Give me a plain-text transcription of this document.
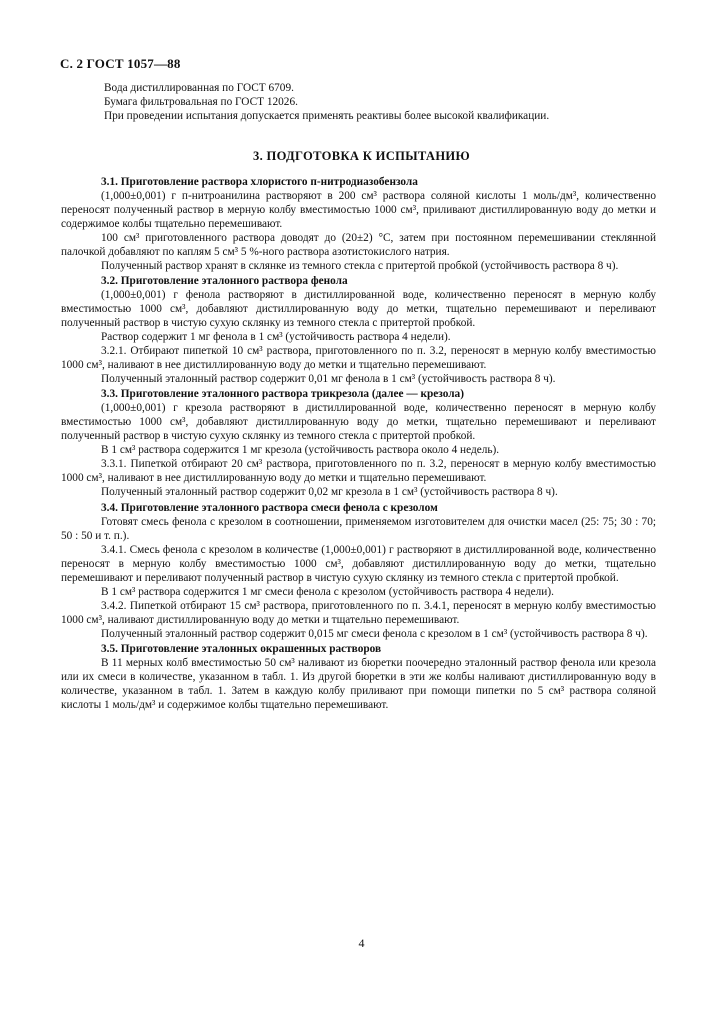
С. 2 ГОСТ 1057—88
Вода дистиллированная по ГОСТ 6709.
Бумага фильтровальная по ГОСТ 12026.
При проведении испытания допускается применять реактивы более высокой квалификации.
3. ПОДГОТОВКА К ИСПЫТАНИЮ

3.1. Приготовление раствора хлористого п-нитродиазобензола

(1,000±0,001) г п-нитроанилина растворяют в 200 см³ раствора соляной кислоты 1 моль/дм³, количественно переносят полученный раствор в мерную колбу вместимостью 1000 см³, приливают дистиллированную воду до метки и содержимое колбы тщательно перемешивают.

100 см³ приготовленного раствора доводят до (20±2) °С, затем при постоянном перемешивании стеклянной палочкой добавляют по каплям 5 см³ 5 %-ного раствора азотистокислого натрия.

Полученный раствор хранят в склянке из темного стекла с притертой пробкой (устойчивость раствора 8 ч).

3.2. Приготовление эталонного раствора фенола

(1,000±0,001) г фенола растворяют в дистиллированной воде, количественно переносят в мерную колбу вместимостью 1000 см³, добавляют дистиллированную воду до метки, тщательно перемешивают и переливают полученный раствор в чистую сухую склянку из темного стекла с притертой пробкой.

Раствор содержит 1 мг фенола в 1 см³ (устойчивость раствора 4 недели).

3.2.1. Отбирают пипеткой 10 см³ раствора, приготовленного по п. 3.2, переносят в мерную колбу вместимостью 1000 см³, наливают в нее дистиллированную воду до метки и тщательно перемешивают.

Полученный эталонный раствор содержит 0,01 мг фенола в 1 см³ (устойчивость раствора 8 ч).

3.3. Приготовление эталонного раствора трикрезола (далее — крезола)

(1,000±0,001) г крезола растворяют в дистиллированной воде, количественно переносят в мерную колбу вместимостью 1000 см³, добавляют дистиллированную воду до метки, тщательно перемешивают и переливают полученный раствор в чистую сухую склянку из темного стекла с притертой пробкой.

В 1 см³ раствора содержится 1 мг крезола (устойчивость раствора около 4 недель).

3.3.1. Пипеткой отбирают 20 см³ раствора, приготовленного по п. 3.2, переносят в мерную колбу вместимостью 1000 см³, наливают в нее дистиллированную воду до метки и тщательно перемешивают.

Полученный эталонный раствор содержит 0,02 мг крезола в 1 см³ (устойчивость раствора 8 ч).

3.4. Приготовление эталонного раствора смеси фенола с крезолом

Готовят смесь фенола с крезолом в соотношении, применяемом изготовителем для очистки масел (25: 75; 30 : 70; 50 : 50 и т. п.).

3.4.1. Смесь фенола с крезолом в количестве (1,000±0,001) г растворяют в дистиллированной воде, количественно переносят в мерную колбу вместимостью 1000 см³, добавляют дистиллированную воду до метки, тщательно перемешивают и переливают полученный раствор в чистую сухую склянку из темного стекла с притертой пробкой.

В 1 см³ раствора содержится 1 мг смеси фенола с крезолом (устойчивость раствора 4 недели).

3.4.2. Пипеткой отбирают 15 см³ раствора, приготовленного по п. 3.4.1, переносят в мерную колбу вместимостью 1000 см³, наливают дистиллированную воду до метки и тщательно перемешивают.

Полученный эталонный раствор содержит 0,015 мг смеси фенола с крезолом в 1 см³ (устойчивость раствора 8 ч).

3.5. Приготовление эталонных окрашенных растворов

В 11 мерных колб вместимостью 50 см³ наливают из бюретки поочередно эталонный раствор фенола или крезола или их смеси в количестве, указанном в табл. 1. Из другой бюретки в эти же колбы наливают дистиллированную воду в количестве, указанном в табл. 1. Затем в каждую колбу приливают при помощи пипетки по 5 см³ раствора соляной кислоты 1 моль/дм³ и содержимое колбы тщательно перемешивают.

4
